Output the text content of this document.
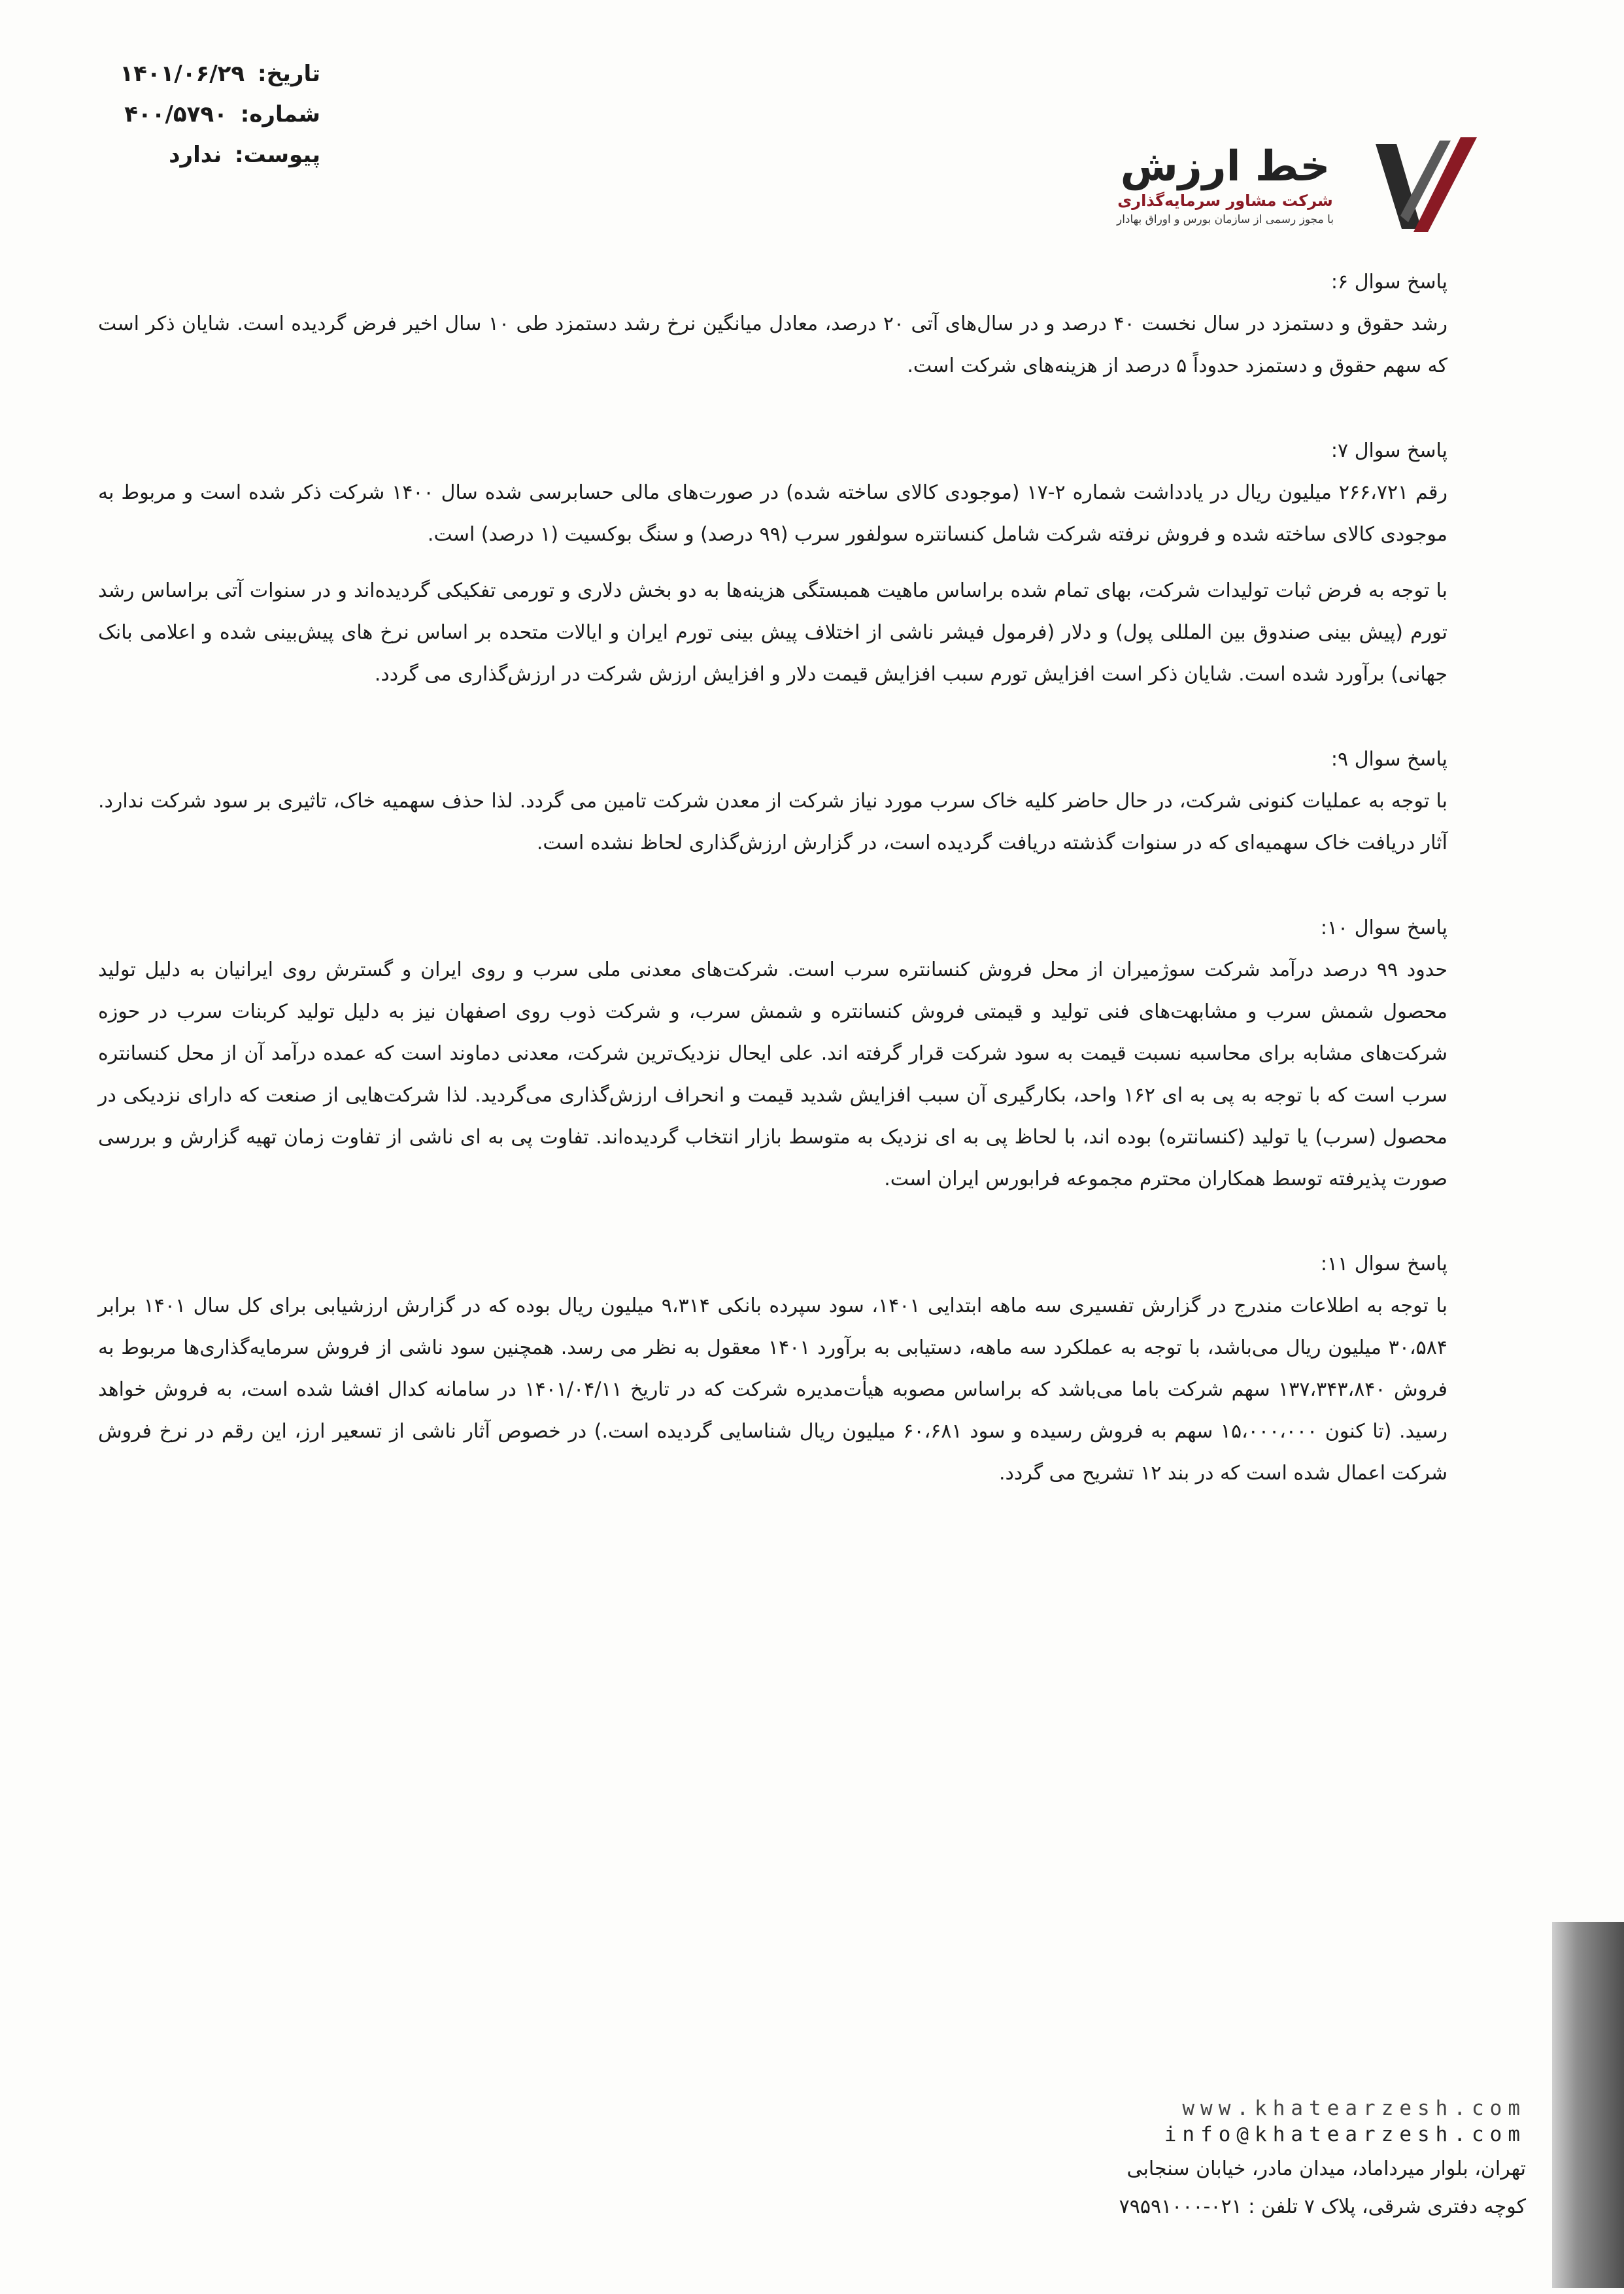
تاریخ: ۱۴۰۱/۰۶/۲۹
شماره: ۴۰۰/۵۷۹۰
پیوست: ندارد	خط ارزش
شرکت مشاور سرمایه‌گذاری
با مجوز رسمی از سازمان بورس و اوراق بهادار

پاسخ سوال ۶:

رشد حقوق و دستمزد در سال نخست ۴۰ درصد و در سال‌های آتی ۲۰ درصد، معادل میانگین نرخ رشد دستمزد طی ۱۰ سال اخیر فرض گردیده است. شایان ذکر است که سهم حقوق و دستمزد حدوداً ۵ درصد از هزینه‌های شرکت است.

پاسخ سوال ۷:

رقم ۲۶۶،۷۲۱ میلیون ریال در یادداشت شماره ۲-۱۷ (موجودی کالای ساخته شده) در صورت‌های مالی حسابرسی شده سال ۱۴۰۰ شرکت ذکر شده است و مربوط به موجودی کالای ساخته شده و فروش نرفته شرکت شامل کنسانتره سولفور سرب (۹۹ درصد) و سنگ بوکسیت (۱ درصد) است.

با توجه به فرض ثبات تولیدات شرکت، بهای تمام شده براساس ماهیت همبستگی هزینه‌ها به دو بخش دلاری و تورمی تفکیکی گردیده‌اند و در سنوات آتی براساس رشد تورم (پیش بینی صندوق بین المللی پول) و دلار (فرمول فیشر ناشی از اختلاف پیش بینی تورم ایران و ایالات متحده بر اساس نرخ های پیش‌بینی شده و اعلامی بانک جهانی) برآورد شده است. شایان ذکر است افزایش تورم سبب افزایش قیمت دلار و افزایش ارزش شرکت در ارزش‌گذاری می گردد.

پاسخ سوال ۹:

با توجه به عملیات کنونی شرکت، در حال حاضر کلیه خاک سرب مورد نیاز شرکت از معدن شرکت تامین می گردد. لذا حذف سهمیه خاک، تاثیری بر سود شرکت ندارد. آثار دریافت خاک سهمیه‌ای که در سنوات گذشته دریافت گردیده است، در گزارش ارزش‌گذاری لحاظ نشده است.

پاسخ سوال ۱۰:

حدود ۹۹ درصد درآمد شرکت سوژمیران از محل فروش کنسانتره سرب است. شرکت‌های معدنی ملی سرب و روی ایران و گسترش روی ایرانیان به دلیل تولید محصول شمش سرب و مشابهت‌های فنی تولید و قیمتی فروش کنسانتره و شمش سرب، و شرکت ذوب روی اصفهان نیز به دلیل تولید کربنات سرب در حوزه شرکت‌های مشابه برای محاسبه نسبت قیمت به سود شرکت قرار گرفته اند. علی ایحال نزدیک‌ترین شرکت، معدنی دماوند است که عمده درآمد آن از محل کنسانتره سرب است که با توجه به پی به ای ۱۶۲ واحد، بکارگیری آن سبب افزایش شدید قیمت و انحراف ارزش‌گذاری می‌گردید. لذا شرکت‌هایی از صنعت که دارای نزدیکی در محصول (سرب) یا تولید (کنسانتره) بوده اند، با لحاظ پی به ای نزدیک به متوسط بازار انتخاب گردیده‌اند. تفاوت پی به ای ناشی از تفاوت زمان تهیه گزارش و بررسی صورت پذیرفته توسط همکاران محترم مجموعه فرابورس ایران است.

پاسخ سوال ۱۱:

با توجه به اطلاعات مندرج در گزارش تفسیری سه ماهه ابتدایی ۱۴۰۱، سود سپرده بانکی ۹،۳۱۴ میلیون ریال بوده که در گزارش ارزشیابی برای کل سال ۱۴۰۱ برابر ۳۰،۵۸۴ میلیون ریال می‌باشد، با توجه به عملکرد سه ماهه، دستیابی به برآورد ۱۴۰۱ معقول به نظر می رسد. همچنین سود ناشی از فروش سرمایه‌گذاری‌ها مربوط به فروش ۱۳۷،۳۴۳،۸۴۰ سهم شرکت باما می‌باشد که براساس مصوبه هیأت‌مدیره شرکت که در تاریخ ۱۴۰۱/۰۴/۱۱ در سامانه کدال افشا شده است، به فروش خواهد رسید. (تا کنون ۱۵،۰۰۰،۰۰۰ سهم به فروش رسیده و سود ۶۰،۶۸۱ میلیون ریال شناسایی گردیده است.) در خصوص آثار ناشی از تسعیر ارز، این رقم در نرخ فروش شرکت اعمال شده است که در بند ۱۲ تشریح می گردد.

www.khatearzesh.com
info@khatearzesh.com
تهران، بلوار میرداماد، میدان مادر، خیابان سنجابی
کوچه دفتری شرقی، پلاک ۷ تلفن : ۰۲۱-۷۹۵۹۱۰۰۰
